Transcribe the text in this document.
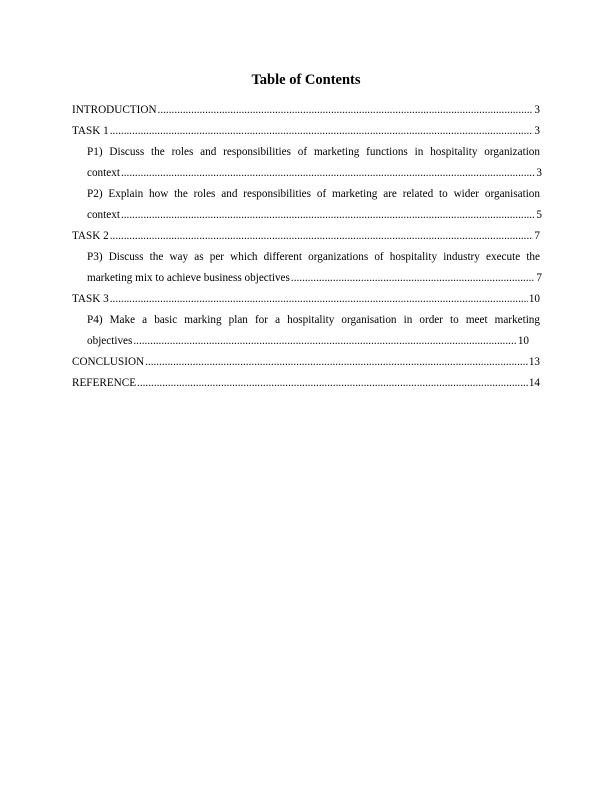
Table of Contents
INTRODUCTION .....	3
TASK 1 .....	3
P1) Discuss the roles and responsibilities of marketing functions in hospitality organization
context .....	3
P2) Explain how the roles and responsibilities of marketing are related to wider organisation
context .....	5
TASK 2 .....	7
P3) Discuss the way as per which different organizations of hospitality industry execute the
marketing mix to achieve business objectives .....	7
TASK 3 .....	10
P4) Make a basic marking plan for a hospitality organisation in order to meet marketing
objectives .....	10
CONCLUSION .....	13
REFERENCE .....	14
